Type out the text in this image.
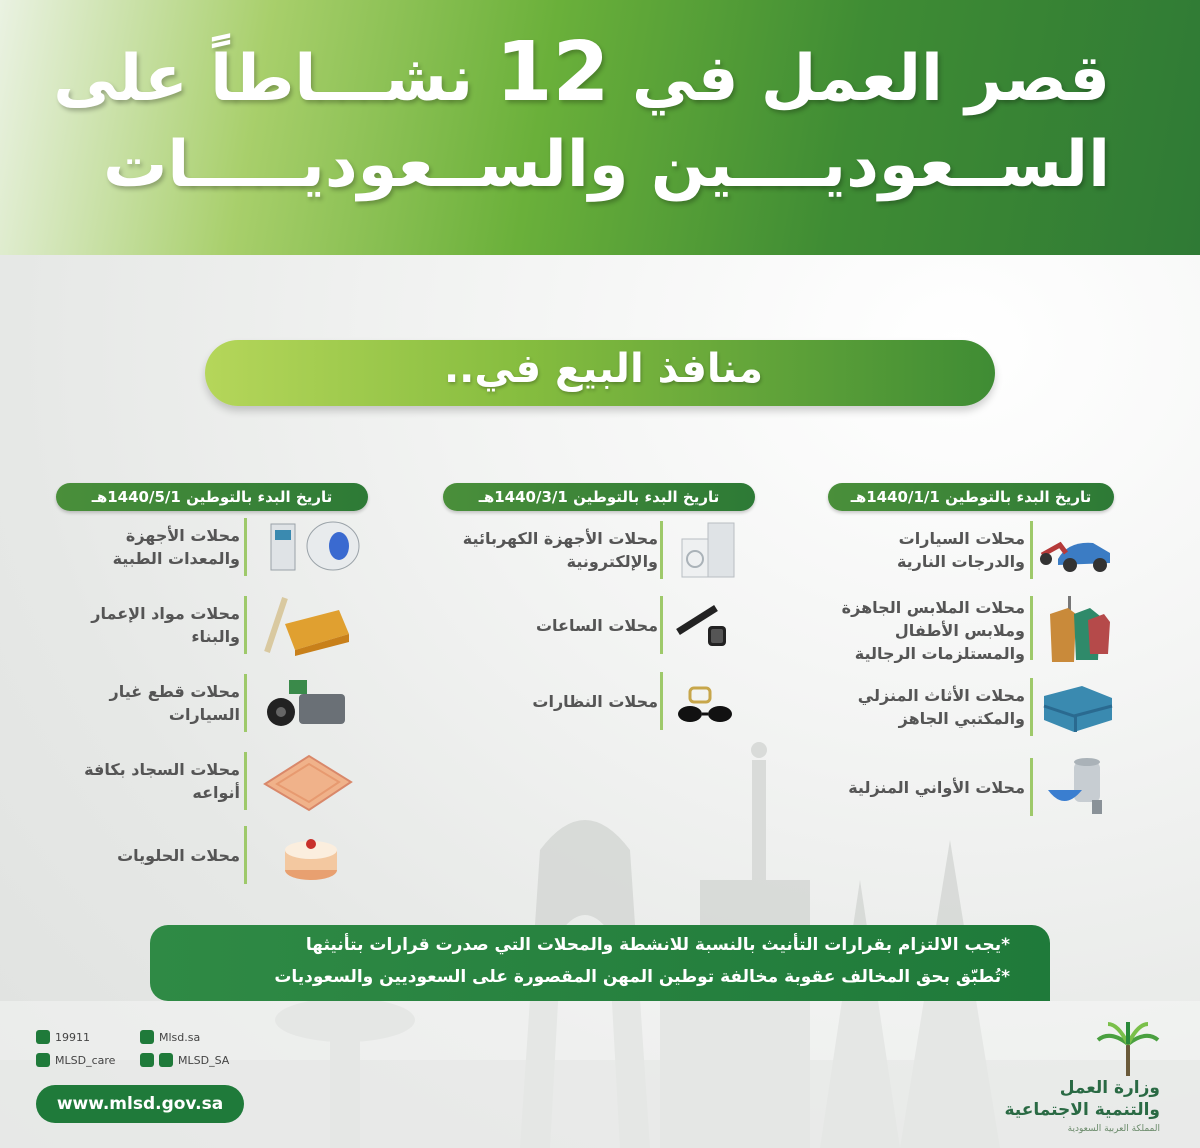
قصر العمل في 12 نشـــاطاً على
الســعوديــــين والســعوديـــــات
منافذ البيع في..
تاريخ البدء بالتوطين 1440/1/1هـ
تاريخ البدء بالتوطين 1440/3/1هـ
تاريخ البدء بالتوطين 1440/5/1هـ
محلات السيارات والدرجات النارية
محلات الملابس الجاهزة وملابس الأطفال والمستلزمات الرجالية
محلات الأثاث المنزلي والمكتبي الجاهز
محلات الأواني المنزلية
محلات الأجهزة الكهربائية والإلكترونية
محلات الساعات
محلات النظارات
محلات الأجهزة والمعدات الطبية
محلات مواد الإعمار والبناء
محلات قطع غيار السيارات
محلات السجاد بكافة أنواعه
محلات الحلويات
*يجب الالتزام بقرارات التأنيث بالنسبة للانشطة والمحلات التي صدرت قرارات بتأنيثها
*تُطبّق بحق المخالف عقوبة مخالفة توطين المهن المقصورة على السعوديين والسعوديات
19911	Mlsd.sa
MLSD_care	MLSD_SA
www.mlsd.gov.sa
وزارة العمل
والتنمية الاجتماعية
المملكة العربية السعودية
